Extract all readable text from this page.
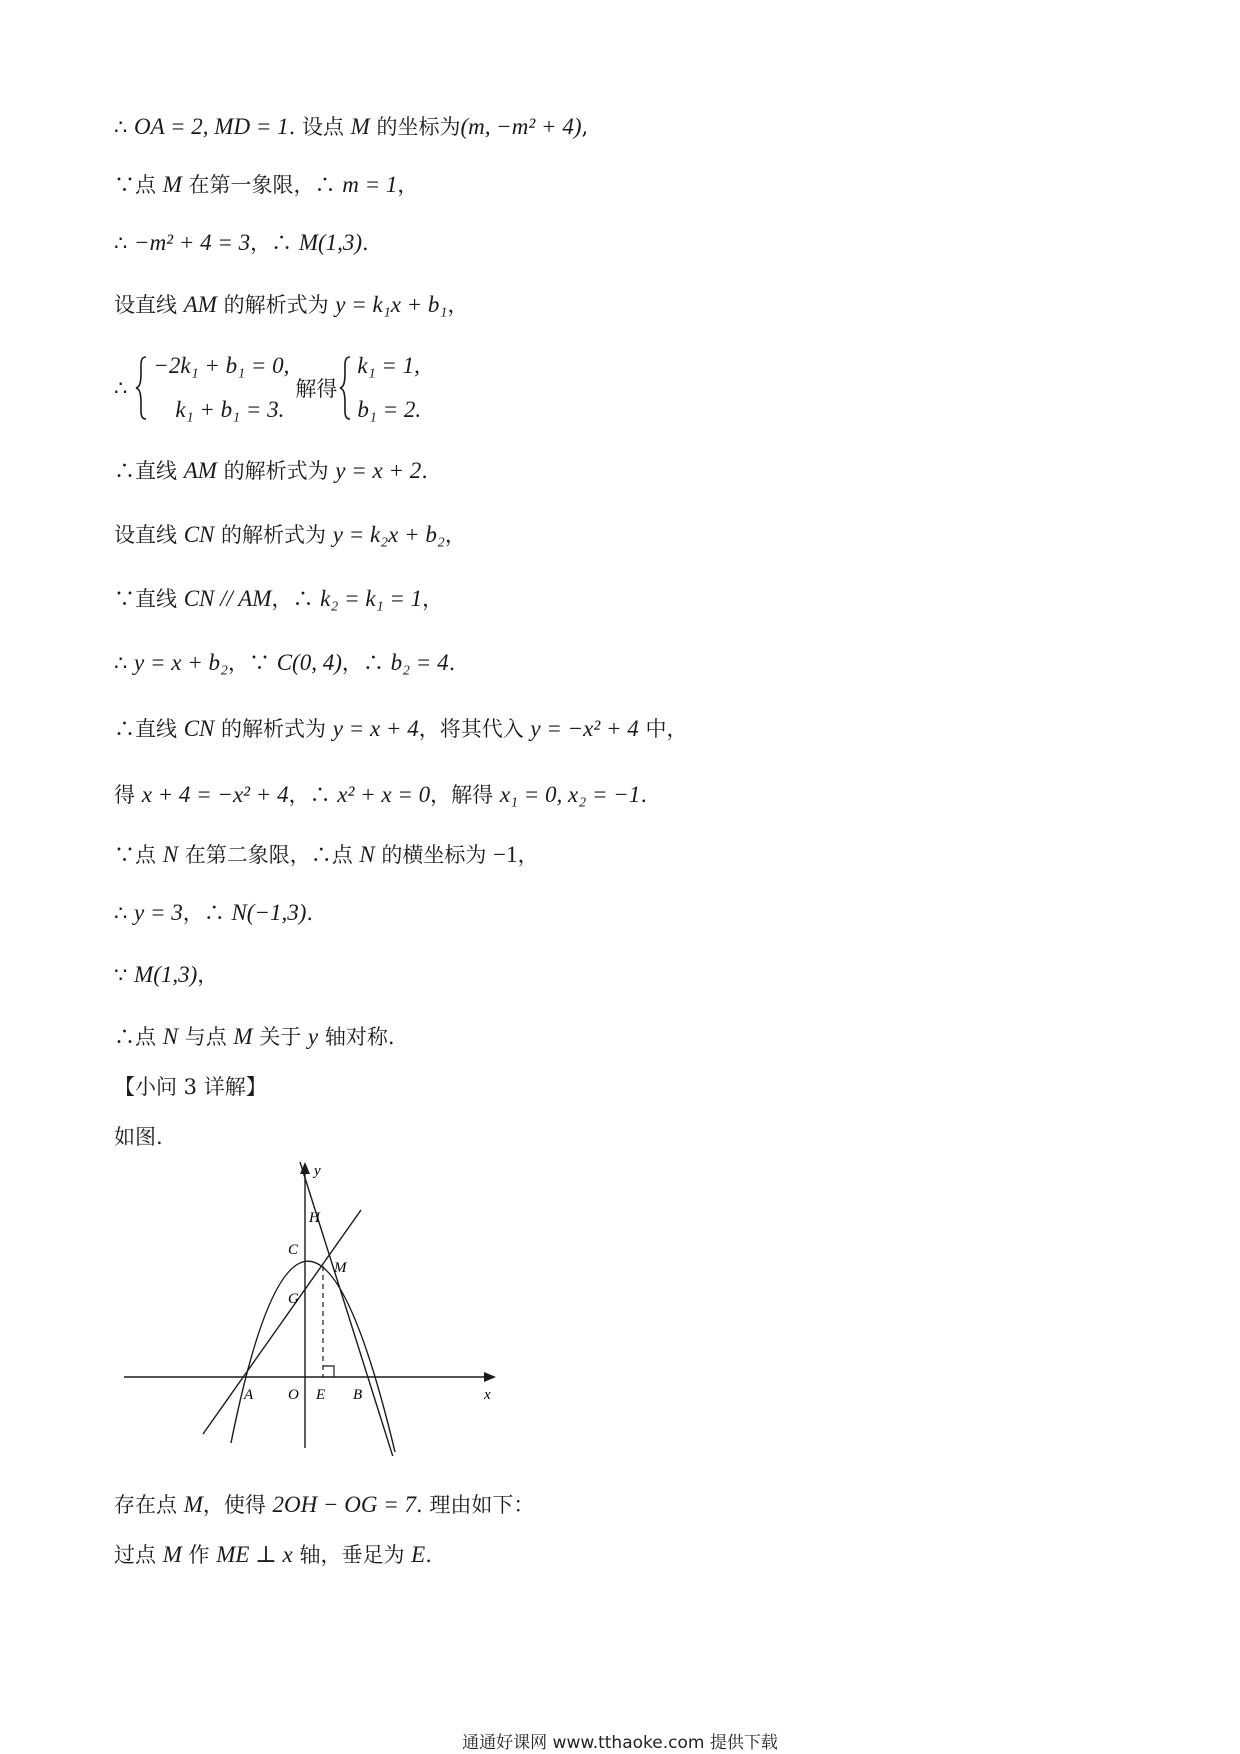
∴ OA = 2, MD = 1. 设点 M 的坐标为(m, −m² + 4),
∵点 M 在第一象限，∴ m = 1，
∴ −m² + 4 = 3，∴ M(1,3).
设直线 AM 的解析式为 y = k₁x + b₁，
∴
−2k₁ + b₁ = 0,
k₁ + b₁ = 3.
解得
k₁ = 1,
b₁ = 2.
∴直线 AM 的解析式为 y = x + 2.
设直线 CN 的解析式为 y = k₂x + b₂，
∵直线 CN // AM，∴ k₂ = k₁ = 1，
∴ y = x + b₂，∵ C(0, 4)，∴ b₂ = 4.
∴直线 CN 的解析式为 y = x + 4，将其代入 y = −x² + 4 中，
得 x + 4 = −x² + 4，∴ x² + x = 0，解得 x₁ = 0, x₂ = −1.
∵点 N 在第二象限，∴点 N 的横坐标为 −1，
∴ y = 3，∴ N(−1,3).
∵ M(1,3)，
∴点 N 与点 M 关于 y 轴对称.
【小问 3 详解】
如图.
y
H
C
M
G
A O E B	x
存在点 M，使得 2OH − OG = 7. 理由如下：
过点 M 作 ME ⊥ x 轴，垂足为 E.
通通好课网 www.tthaoke.com 提供下载
